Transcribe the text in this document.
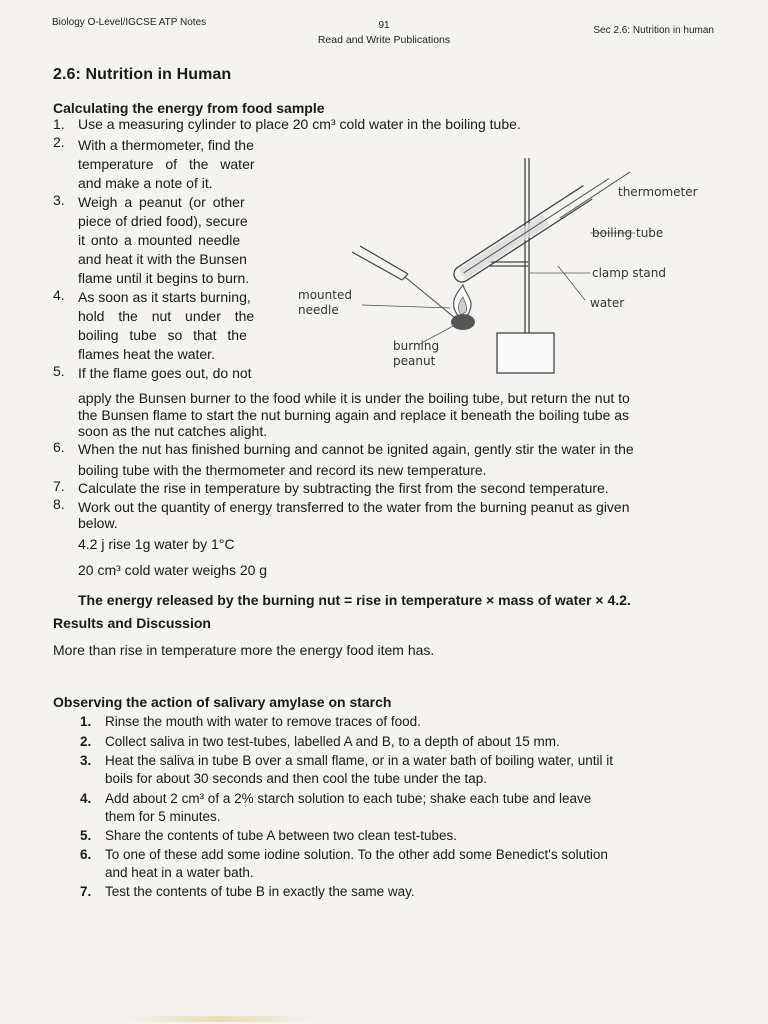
Biology O-Level/IGCSE ATP Notes	91
Read and Write Publications
Sec 2.6: Nutrition in human
2.6: Nutrition in Human
Calculating the energy from food sample
1. Use a measuring cylinder to place 20 cm³ cold water in the boiling tube.
2. With a thermometer, find the
temperature of the water
and make a note of it.
3. Weigh a peanut (or other
piece of dried food), secure
it onto a mounted needle
and heat it with the Bunsen
flame until it begins to burn.
4. As soon as it starts burning,
hold the nut under the
boiling tube so that the
flames heat the water.
5. If the flame goes out, do not
apply the Bunsen burner to the food while it is under the boiling tube, but return the nut to
the Bunsen flame to start the nut burning again and replace it beneath the boiling tube as
soon as the nut catches alight.
6. When the nut has finished burning and cannot be ignited again, gently stir the water in the
boiling tube with the thermometer and record its new temperature.
7. Calculate the rise in temperature by subtracting the first from the second temperature.
8. Work out the quantity of energy transferred to the water from the burning peanut as given
below.
4.2 j rise 1g water by 1°C
20 cm³ cold water weighs 20 g
The energy released by the burning nut = rise in temperature × mass of water × 4.2.
Results and Discussion
More than rise in temperature more the energy food item has.
thermometer
boiling tube
clamp stand
water
mounted
needle
burning
peanut
Observing the action of salivary amylase on starch
1. Rinse the mouth with water to remove traces of food.
2. Collect saliva in two test-tubes, labelled A and B, to a depth of about 15 mm.
3. Heat the saliva in tube B over a small flame, or in a water bath of boiling water, until it
boils for about 30 seconds and then cool the tube under the tap.
4. Add about 2 cm³ of a 2% starch solution to each tube; shake each tube and leave
them for 5 minutes.
5. Share the contents of tube A between two clean test-tubes.
6. To one of these add some iodine solution. To the other add some Benedict's solution
and heat in a water bath.
7. Test the contents of tube B in exactly the same way.
